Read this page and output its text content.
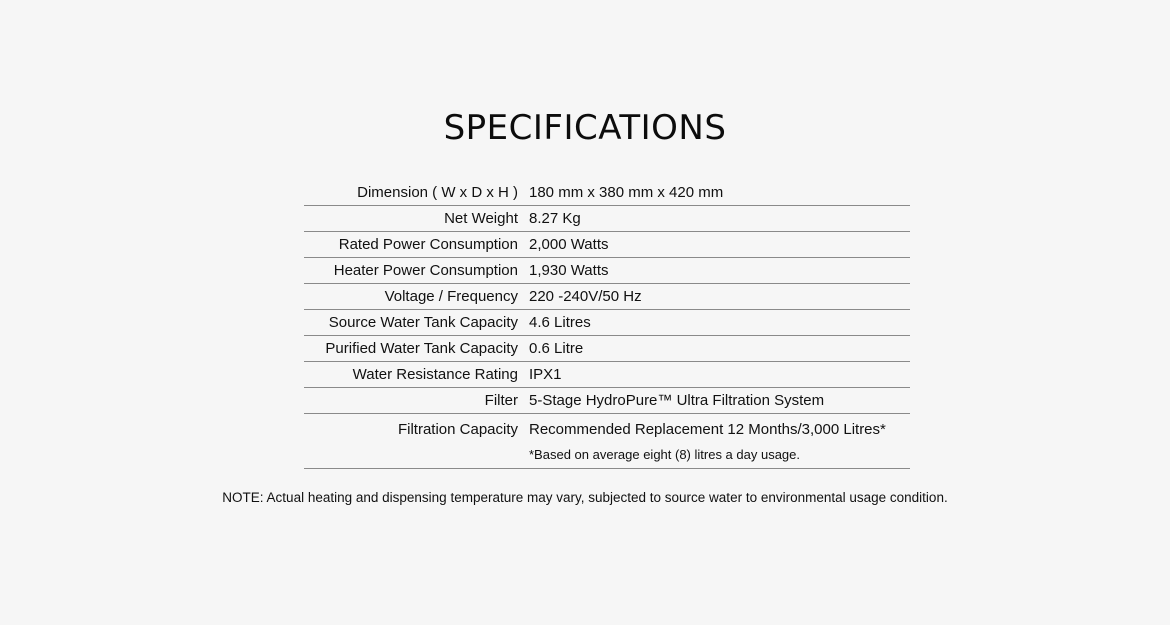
SPECIFICATIONS
Dimension ( W x D x H ) 180 mm x 380 mm x 420 mm
Net Weight 8.27 Kg
Rated Power Consumption 2,000 Watts
Heater Power Consumption 1,930 Watts
Voltage / Frequency 220 -240V/50 Hz
Source Water Tank Capacity 4.6 Litres
Purified Water Tank Capacity 0.6 Litre
Water Resistance Rating IPX1
Filter 5-Stage HydroPure™ Ultra Filtration System
Filtration Capacity Recommended Replacement 12 Months/3,000 Litres*
*Based on average eight (8) litres a day usage.
NOTE: Actual heating and dispensing temperature may vary, subjected to source water to environmental usage condition.
